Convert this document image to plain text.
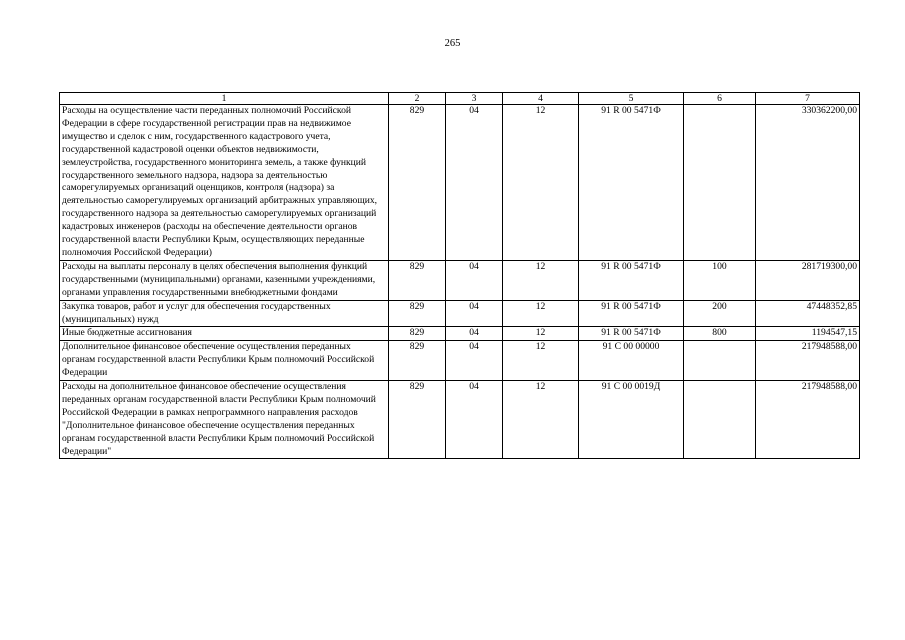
265
1	2	3	4	5	6	7
Расходы на осуществление части переданных полномочий Российской Федерации в сфере государственной регистрации прав на недвижимое имущество и сделок с ним, государственного кадастрового учета, государственной кадастровой оценки объектов недвижимости, землеустройства, государственного мониторинга земель, а также функций государственного земельного надзора, надзора за деятельностью саморегулируемых организаций оценщиков, контроля (надзора) за деятельностью саморегулируемых организаций арбитражных управляющих, государственного надзора за деятельностью саморегулируемых организаций кадастровых инженеров (расходы на обеспечение деятельности органов государственной власти Республики Крым, осуществляющих переданные полномочия Российской Федерации)	829	04	12	91 R 00 5471Ф		330362200,00
Расходы на выплаты персоналу в целях обеспечения выполнения функций государственными (муниципальными) органами, казенными учреждениями, органами управления государственными внебюджетными фондами	829	04	12	91 R 00 5471Ф	100	281719300,00
Закупка товаров, работ и услуг для обеспечения государственных (муниципальных) нужд	829	04	12	91 R 00 5471Ф	200	47448352,85
Иные бюджетные ассигнования	829	04	12	91 R 00 5471Ф	800	1194547,15
Дополнительное финансовое обеспечение осуществления переданных органам государственной власти Республики Крым полномочий Российской Федерации	829	04	12	91 С 00 00000		217948588,00
Расходы на дополнительное финансовое обеспечение осуществления переданных органам государственной власти Республики Крым полномочий Российской Федерации в рамках непрограммного направления расходов "Дополнительное финансовое обеспечение осуществления переданных органам государственной власти Республики Крым полномочий Российской Федерации"	829	04	12	91 С 00 0019Д		217948588,00
